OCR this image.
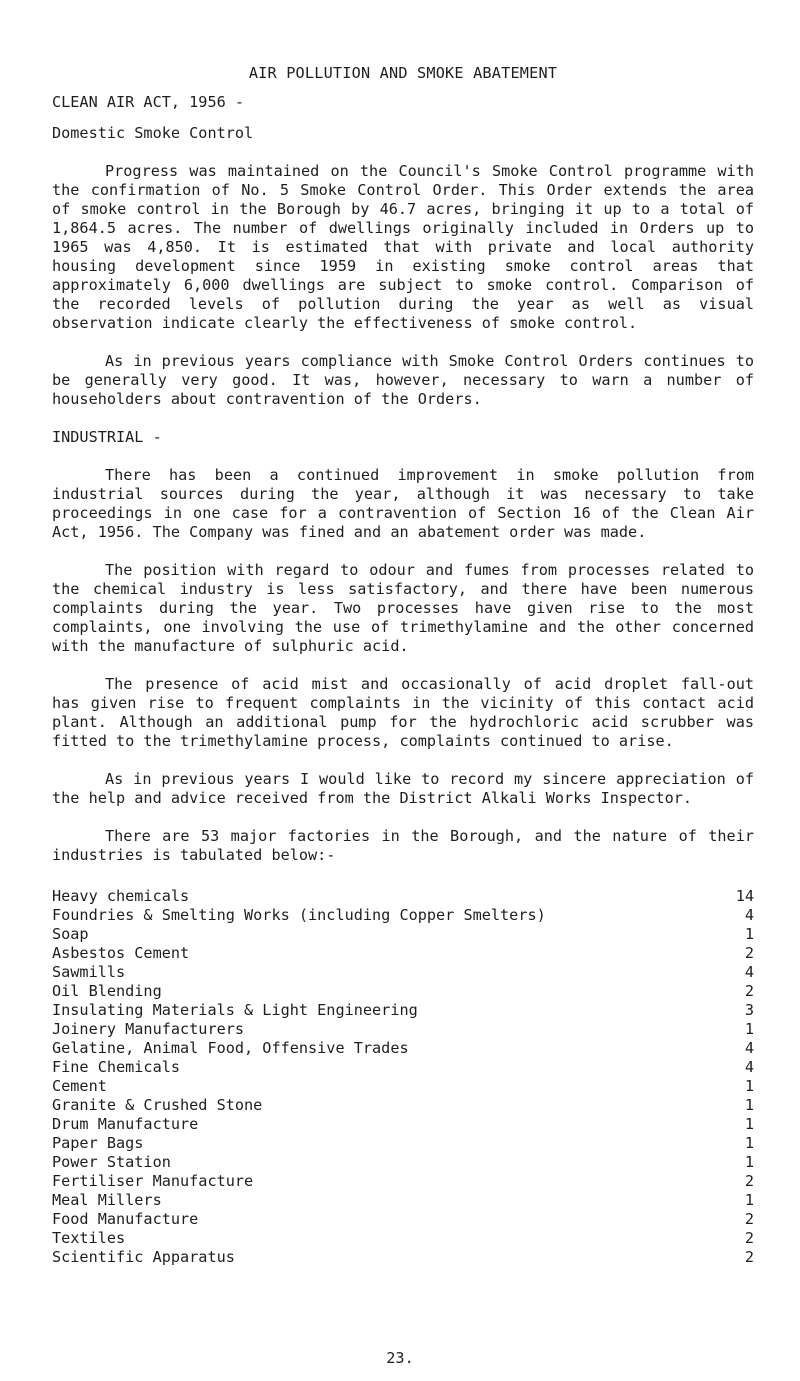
AIR POLLUTION AND SMOKE ABATEMENT
CLEAN AIR ACT, 1956 -
Domestic Smoke Control

Progress was maintained on the Council's Smoke Control programme with the confirmation of No. 5 Smoke Control Order. This Order extends the area of smoke control in the Borough by 46.7 acres, bringing it up to a total of 1,864.5 acres. The number of dwellings originally included in Orders up to 1965 was 4,850. It is estimated that with private and local authority housing development since 1959 in existing smoke control areas that approximately 6,000 dwellings are subject to smoke control. Comparison of the recorded levels of pollution during the year as well as visual observation indicate clearly the effectiveness of smoke control.

As in previous years compliance with Smoke Control Orders continues to be generally very good. It was, however, necessary to warn a number of householders about contravention of the Orders.

INDUSTRIAL -

There has been a continued improvement in smoke pollution from industrial sources during the year, although it was necessary to take proceedings in one case for a contravention of Section 16 of the Clean Air Act, 1956. The Company was fined and an abatement order was made.

The position with regard to odour and fumes from processes related to the chemical industry is less satisfactory, and there have been numerous complaints during the year. Two processes have given rise to the most complaints, one involving the use of trimethylamine and the other concerned with the manufacture of sulphuric acid.

The presence of acid mist and occasionally of acid droplet fall-out has given rise to frequent complaints in the vicinity of this contact acid plant. Although an additional pump for the hydrochloric acid scrubber was fitted to the trimethylamine process, complaints continued to arise.

As in previous years I would like to record my sincere appreciation of the help and advice received from the District Alkali Works Inspector.

There are 53 major factories in the Borough, and the nature of their industries is tabulated below:-

Heavy chemicals	14
Foundries & Smelting Works (including Copper Smelters)	4
Soap	1
Asbestos Cement	2
Sawmills	4
Oil Blending	2
Insulating Materials & Light Engineering	3
Joinery Manufacturers	1
Gelatine, Animal Food, Offensive Trades	4
Fine Chemicals	4
Cement	1
Granite & Crushed Stone	1
Drum Manufacture	1
Paper Bags	1
Power Station	1
Fertiliser Manufacture	2
Meal Millers	1
Food Manufacture	2
Textiles	2
Scientific Apparatus	2
23.
